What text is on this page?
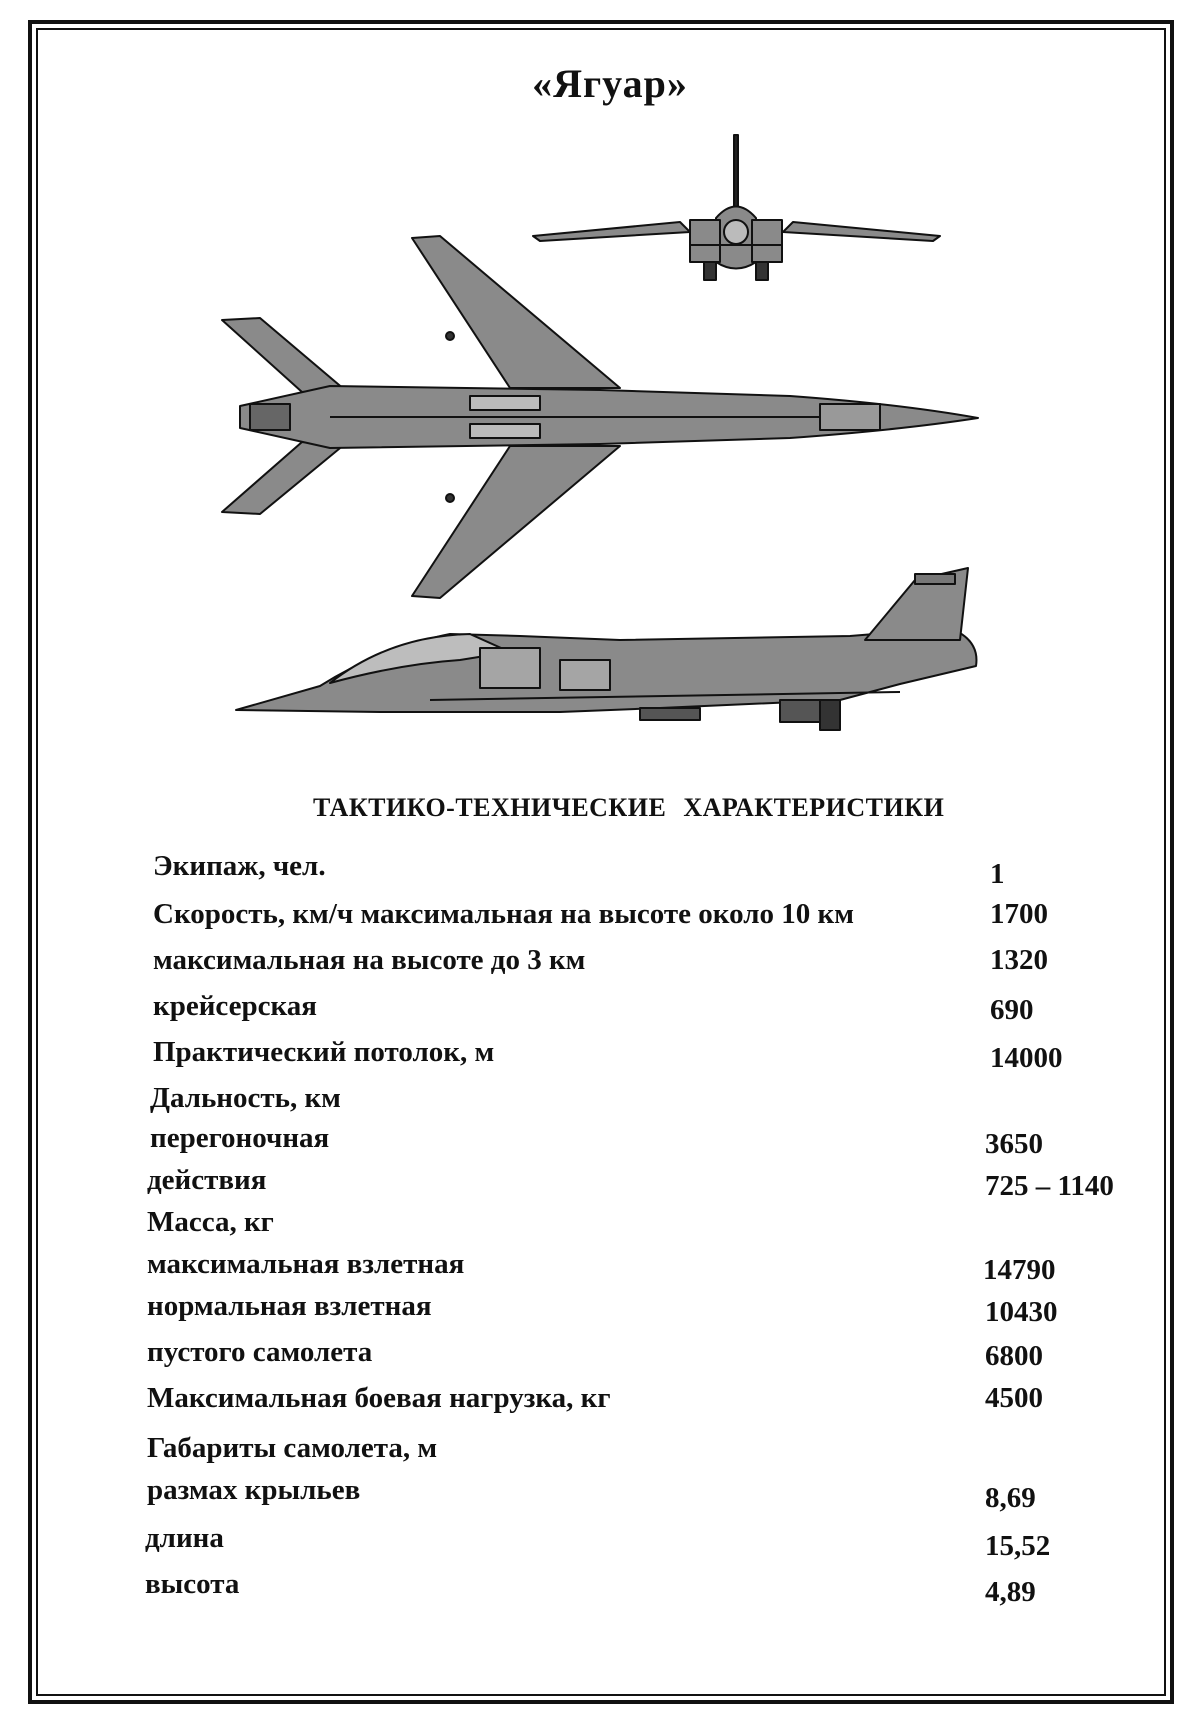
«Ягуар»
ТАКТИКО-ТЕХНИЧЕСКИЕ ХАРАКТЕРИСТИКИ
Экипаж, чел.	1
Скорость, км/ч максимальная на высоте около 10 км	1700
максимальная на высоте до 3 км	1320
крейсерская	690
Практический потолок, м	14000
Дальность, км
перегоночная	3650
действия	725 – 1140
Масса, кг
максимальная взлетная	14790
нормальная взлетная	10430
пустого самолета	6800
Максимальная боевая нагрузка, кг	4500
Габариты самолета, м
размах крыльев	8,69
длина	15,52
высота	4,89
